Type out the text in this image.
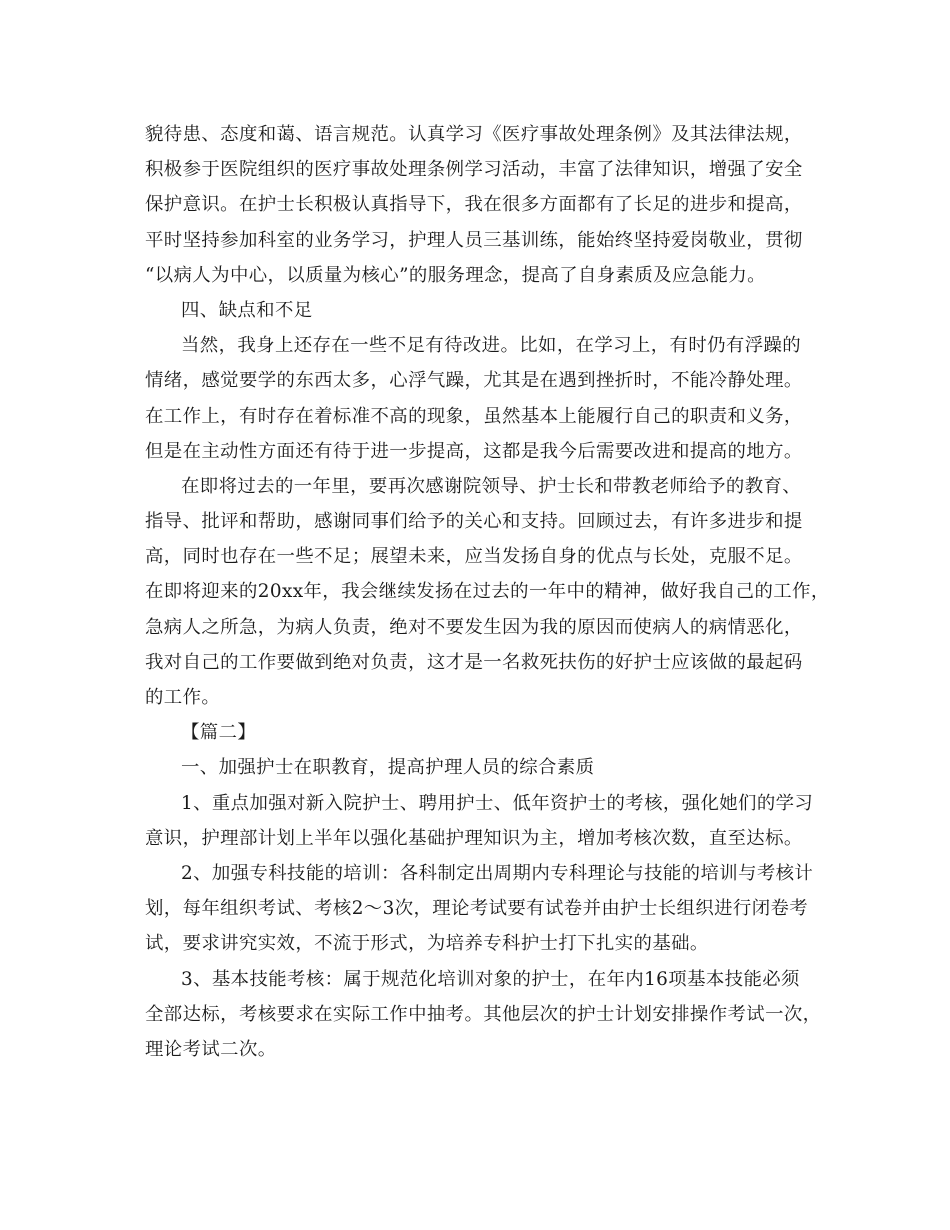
貌待患、态度和蔼、语言规范。认真学习《医疗事故处理条例》及其法律法规，
积极参于医院组织的医疗事故处理条例学习活动，丰富了法律知识，增强了安全
保护意识。在护士长积极认真指导下，我在很多方面都有了长足的进步和提高，
平时坚持参加科室的业务学习，护理人员三基训练，能始终坚持爱岗敬业，贯彻
“以病人为中心，以质量为核心”的服务理念，提高了自身素质及应急能力。
四、缺点和不足
当然，我身上还存在一些不足有待改进。比如，在学习上，有时仍有浮躁的
情绪，感觉要学的东西太多，心浮气躁，尤其是在遇到挫折时，不能冷静处理。
在工作上，有时存在着标准不高的现象，虽然基本上能履行自己的职责和义务，
但是在主动性方面还有待于进一步提高，这都是我今后需要改进和提高的地方。
在即将过去的一年里，要再次感谢院领导、护士长和带教老师给予的教育、
指导、批评和帮助，感谢同事们给予的关心和支持。回顾过去，有许多进步和提
高，同时也存在一些不足；展望未来，应当发扬自身的优点与长处，克服不足。
在即将迎来的20xx年，我会继续发扬在过去的一年中的精神，做好我自己的工作，
急病人之所急，为病人负责，绝对不要发生因为我的原因而使病人的病情恶化，
我对自己的工作要做到绝对负责，这才是一名救死扶伤的好护士应该做的最起码
的工作。
【篇二】
一、加强护士在职教育，提高护理人员的综合素质
1、重点加强对新入院护士、聘用护士、低年资护士的考核，强化她们的学习
意识，护理部计划上半年以强化基础护理知识为主，增加考核次数，直至达标。
2、加强专科技能的培训：各科制定出周期内专科理论与技能的培训与考核计
划，每年组织考试、考核2～3次，理论考试要有试卷并由护士长组织进行闭卷考
试，要求讲究实效，不流于形式，为培养专科护士打下扎实的基础。
3、基本技能考核：属于规范化培训对象的护士，在年内16项基本技能必须
全部达标，考核要求在实际工作中抽考。其他层次的护士计划安排操作考试一次，
理论考试二次。
